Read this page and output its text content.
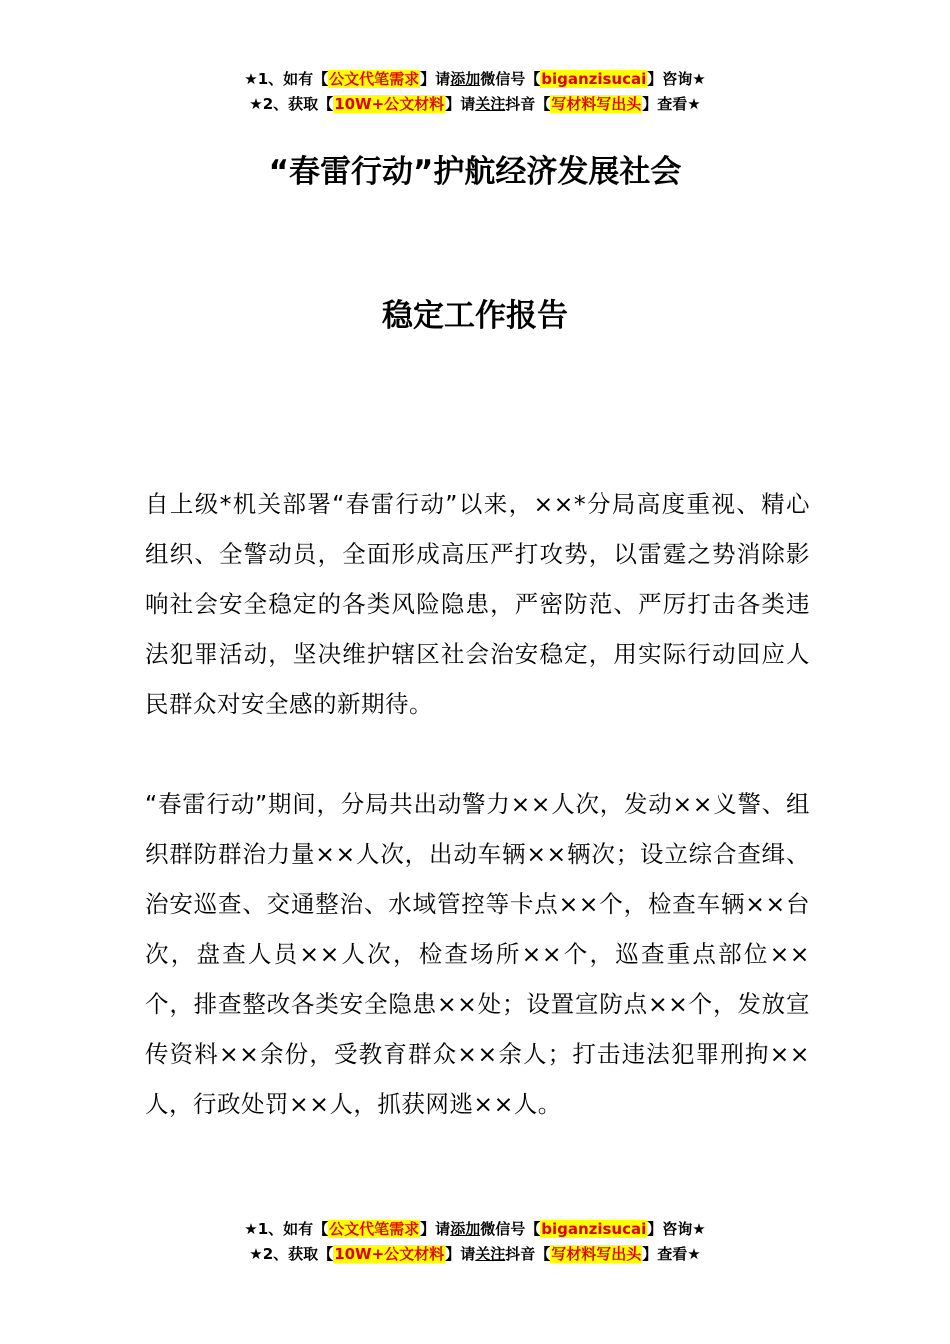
★1、如有【公文代笔需求】请添加微信号【biganzisucai】咨询★
★2、获取【10W+公文材料】请关注抖音【写材料写出头】查看★
“春雷行动”护航经济发展社会
稳定工作报告

自上级*机关部署“春雷行动”以来，××*分局高度重视、精心组织、全警动员，全面形成高压严打攻势，以雷霆之势消除影响社会安全稳定的各类风险隐患，严密防范、严厉打击各类违法犯罪活动，坚决维护辖区社会治安稳定，用实际行动回应人民群众对安全感的新期待。

“春雷行动”期间，分局共出动警力××人次，发动××义警、组织群防群治力量××人次，出动车辆××辆次；设立综合查缉、治安巡查、交通整治、水域管控等卡点××个，检查车辆××台次，盘查人员××人次，检查场所××个，巡查重点部位××个，排查整改各类安全隐患××处；设置宣防点××个，发放宣传资料××余份，受教育群众××余人；打击违法犯罪刑拘××人，行政处罚××人，抓获网逃××人。

★1、如有【公文代笔需求】请添加微信号【biganzisucai】咨询★
★2、获取【10W+公文材料】请关注抖音【写材料写出头】查看★
